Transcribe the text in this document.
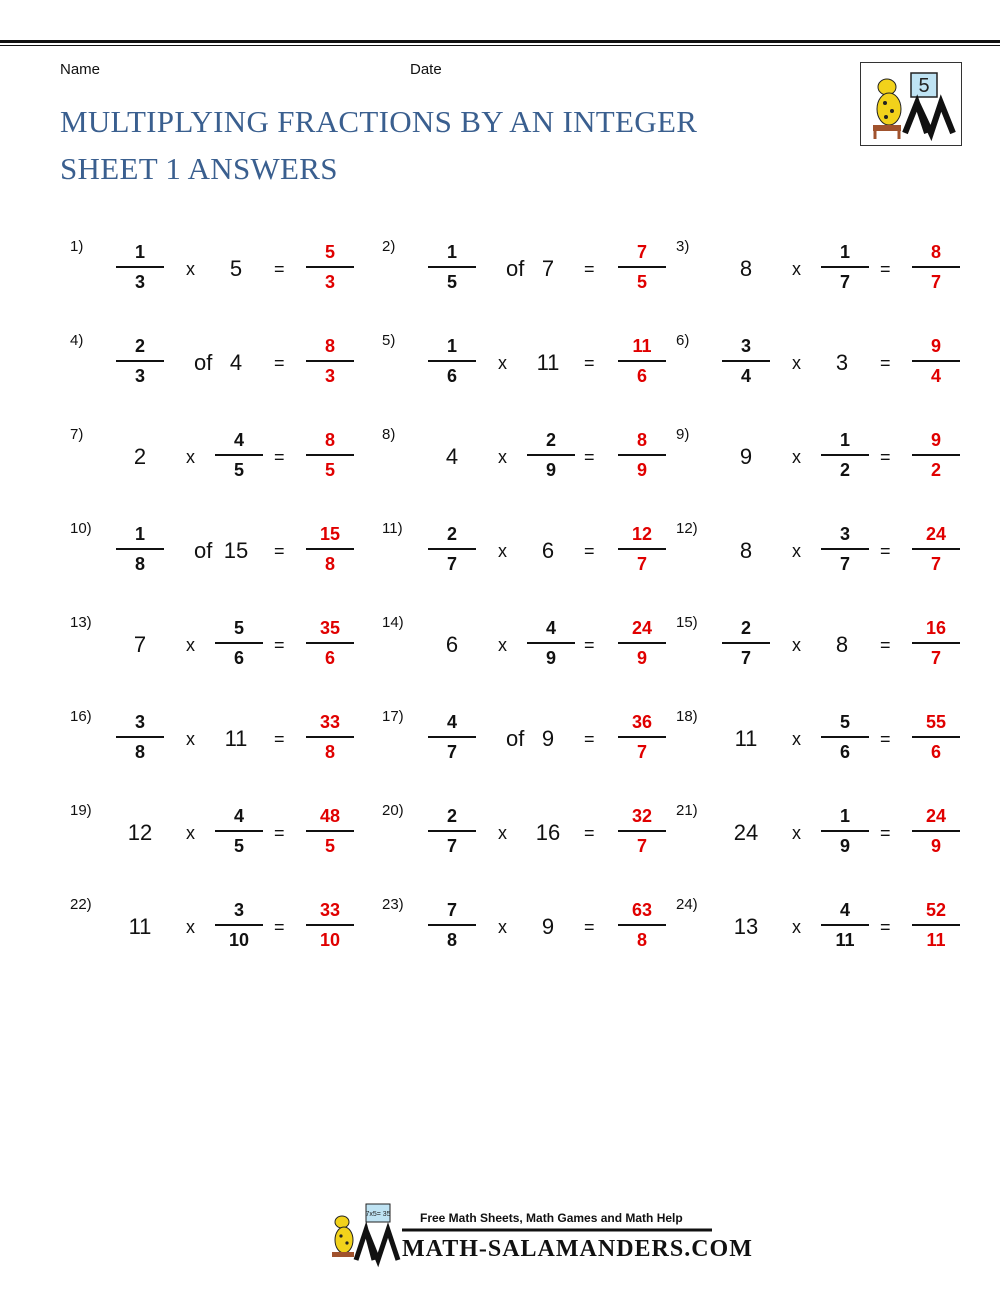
Name	Date
MULTIPLYING FRACTIONS BY AN INTEGER
SHEET 1 ANSWERS
5
1)	1
3
x	5	=
5
3
2)	1
5
of 7	=
7
5
3)
8	x
1
7
=
8
7
4)	2
3
of 4	=
8
3
5)	1
6
x	11	=
11
6
6)	3
4
x	3	=
9
4
7)
2	x
4
5
=
8
5
8)
4	x
2
9
=
8
9
9)
9	x
1
2
=
9
2
10)	1
8
of 15	=
15
8
11)	2
7
x	6	=
12
7
12)
8	x
3
7
=
24
7
13)
7	x
5
6
=
35
6
14)
6	x
4
9
=
24
9
15)	2
7
x	8	=
16
7
16)	3
8
x	11	=
33
8
17)	4
7
of 9	=
36
7
18)
11	x
5
6
=
55
6
19)
12	x
4
5
=
48
5
20)	2
7
x	16	=
32
7
21)
24	x
1
9
=
24
9
22)
11	x
3
10
=
33
10
23)	7
8
x	9	=
63
8
24)
13	x
4
11
=
52
11
7x5= 35 Free Math Sheets, Math Games and Math Help
MATH-SALAMANDERS.COM
